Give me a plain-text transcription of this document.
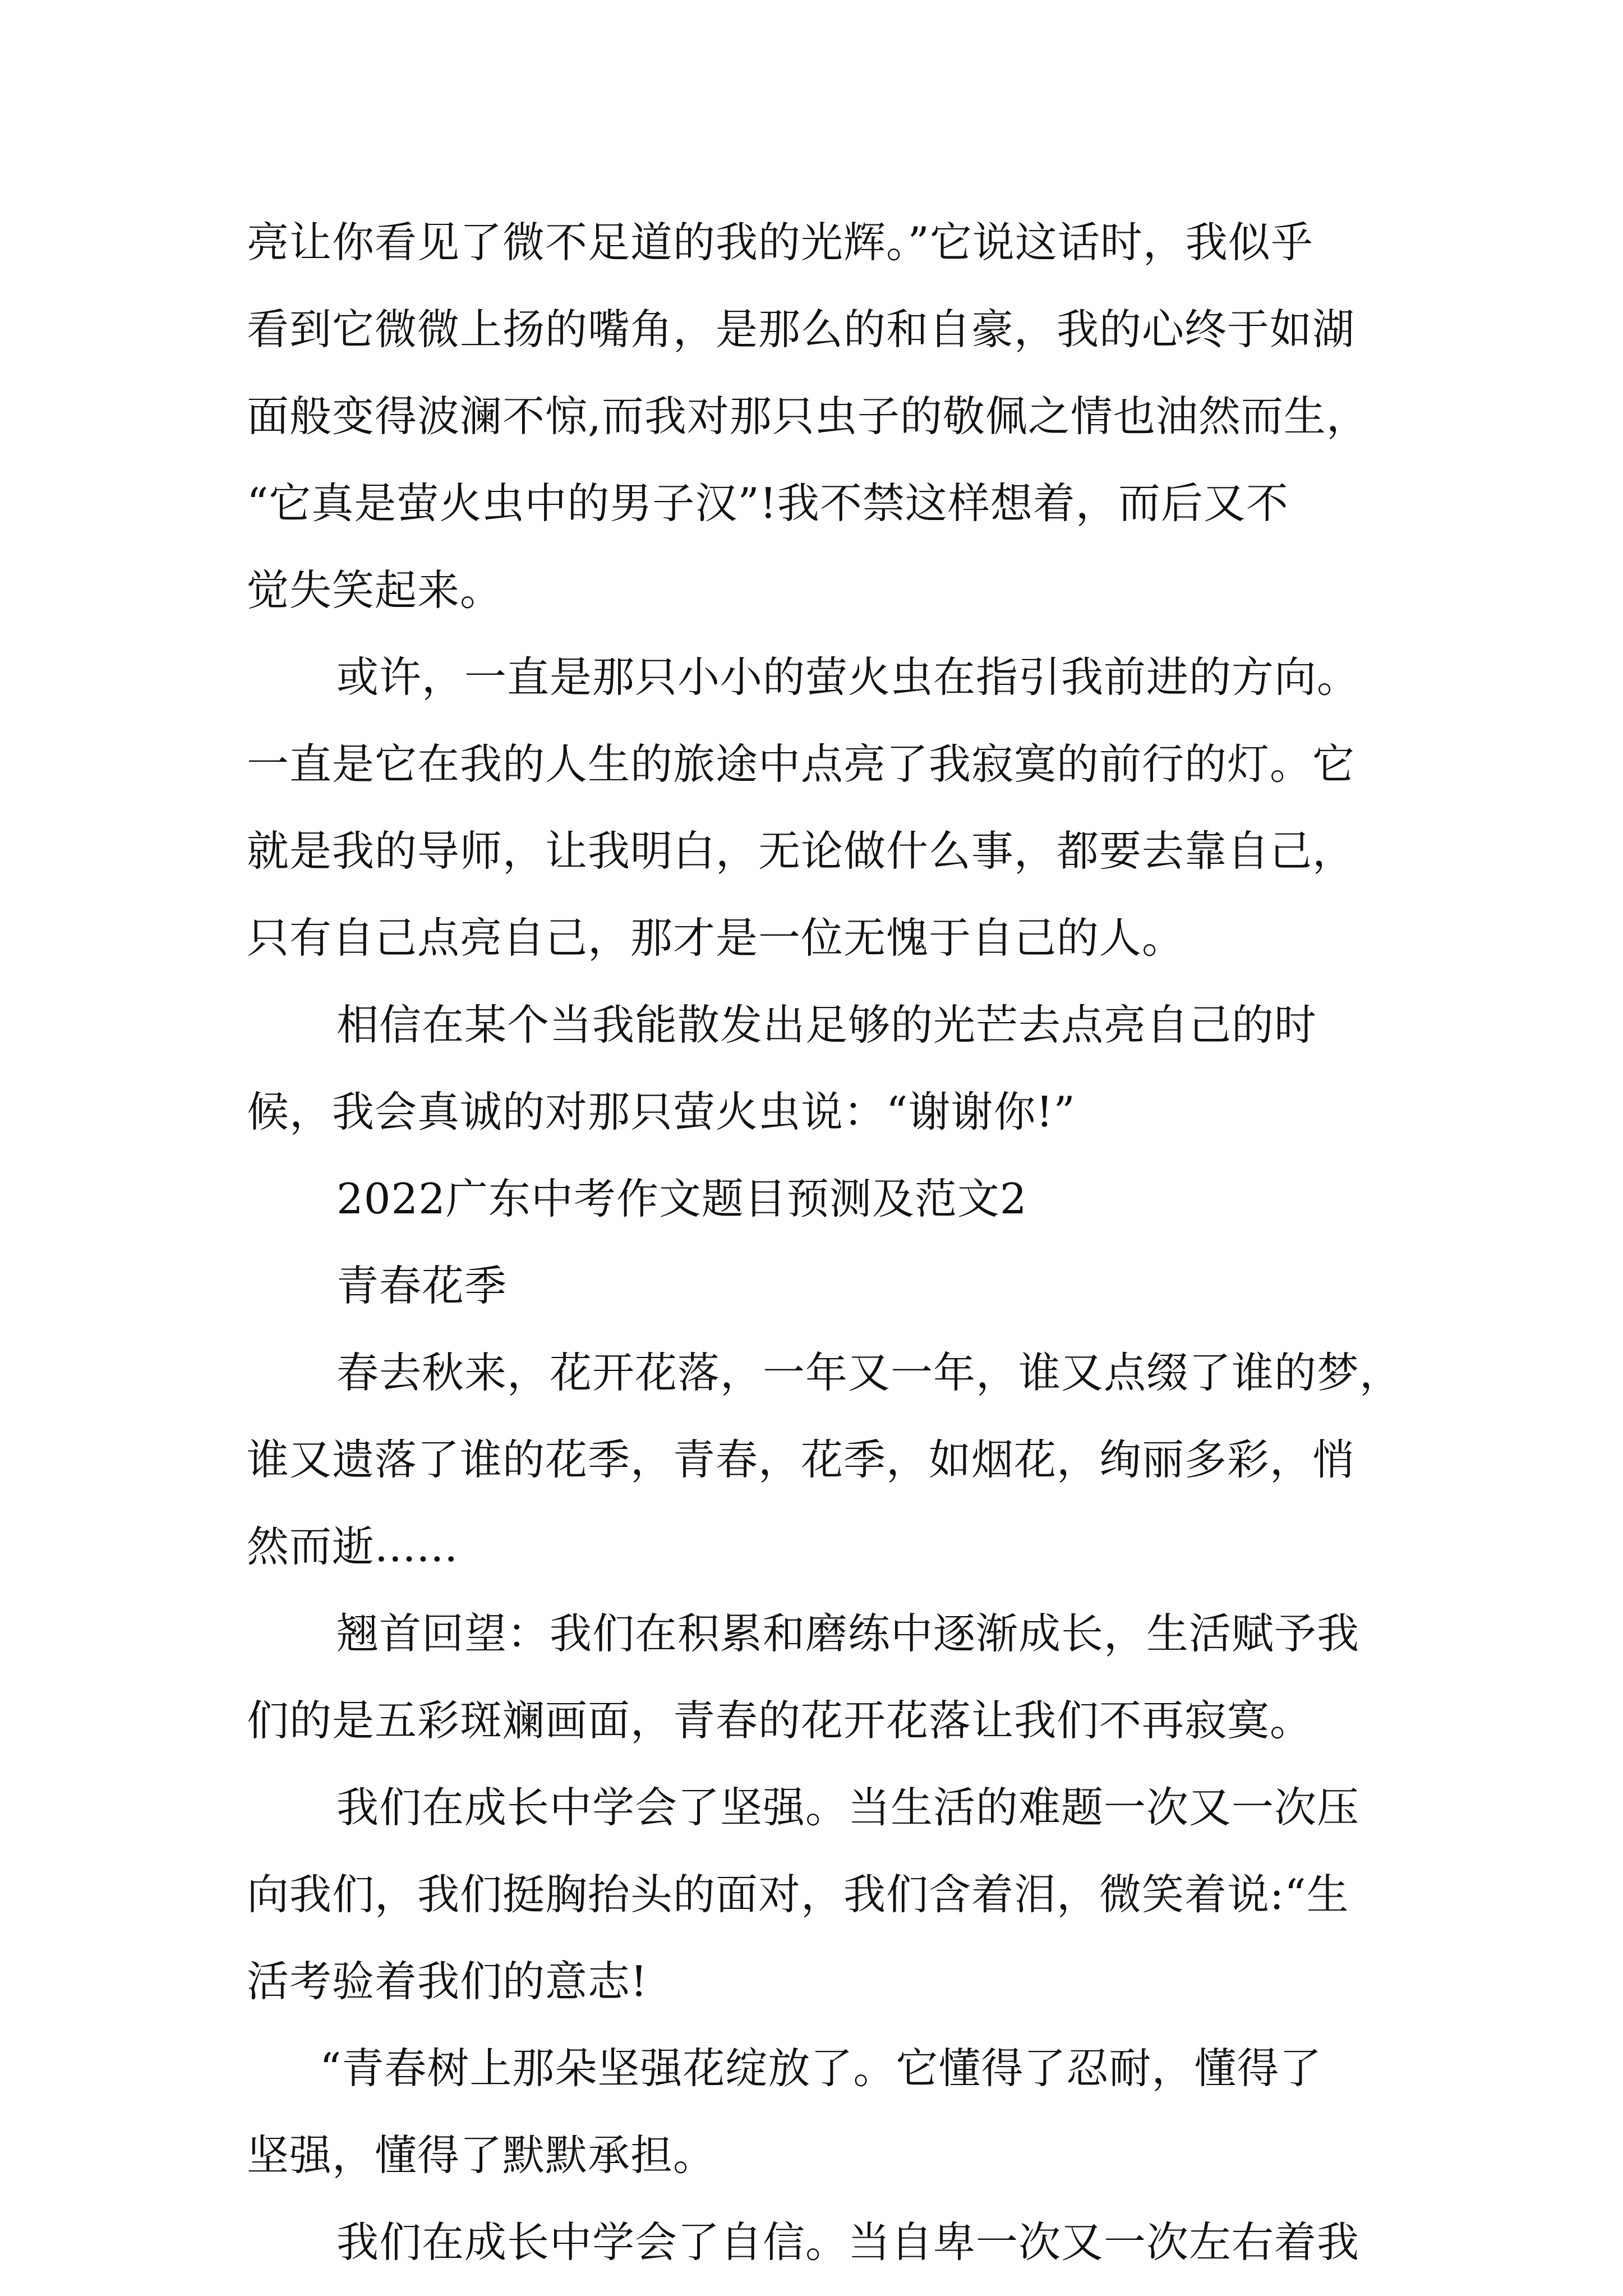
亮让你看见了微不足道的我的光辉。”它说这话时，我似乎
看到它微微上扬的嘴角，是那么的和自豪，我的心终于如湖
面般变得波澜不惊,而我对那只虫子的敬佩之情也油然而生，
“它真是萤火虫中的男子汉”!我不禁这样想着，而后又不
觉失笑起来。
或许，一直是那只小小的萤火虫在指引我前进的方向。
一直是它在我的人生的旅途中点亮了我寂寞的前行的灯。它
就是我的导师，让我明白，无论做什么事，都要去靠自己，
只有自己点亮自己，那才是一位无愧于自己的人。
相信在某个当我能散发出足够的光芒去点亮自己的时
候，我会真诚的对那只萤火虫说：“谢谢你!”
2022广东中考作文题目预测及范文2
青春花季
春去秋来，花开花落，一年又一年，谁又点缀了谁的梦，
谁又遗落了谁的花季，青春，花季，如烟花，绚丽多彩，悄
然而逝......
翘首回望：我们在积累和磨练中逐渐成长，生活赋予我
们的是五彩斑斓画面，青春的花开花落让我们不再寂寞。
我们在成长中学会了坚强。当生活的难题一次又一次压
向我们，我们挺胸抬头的面对，我们含着泪，微笑着说:“生
活考验着我们的意志!
“青春树上那朵坚强花绽放了。它懂得了忍耐，懂得了
坚强，懂得了默默承担。
我们在成长中学会了自信。当自卑一次又一次左右着我
